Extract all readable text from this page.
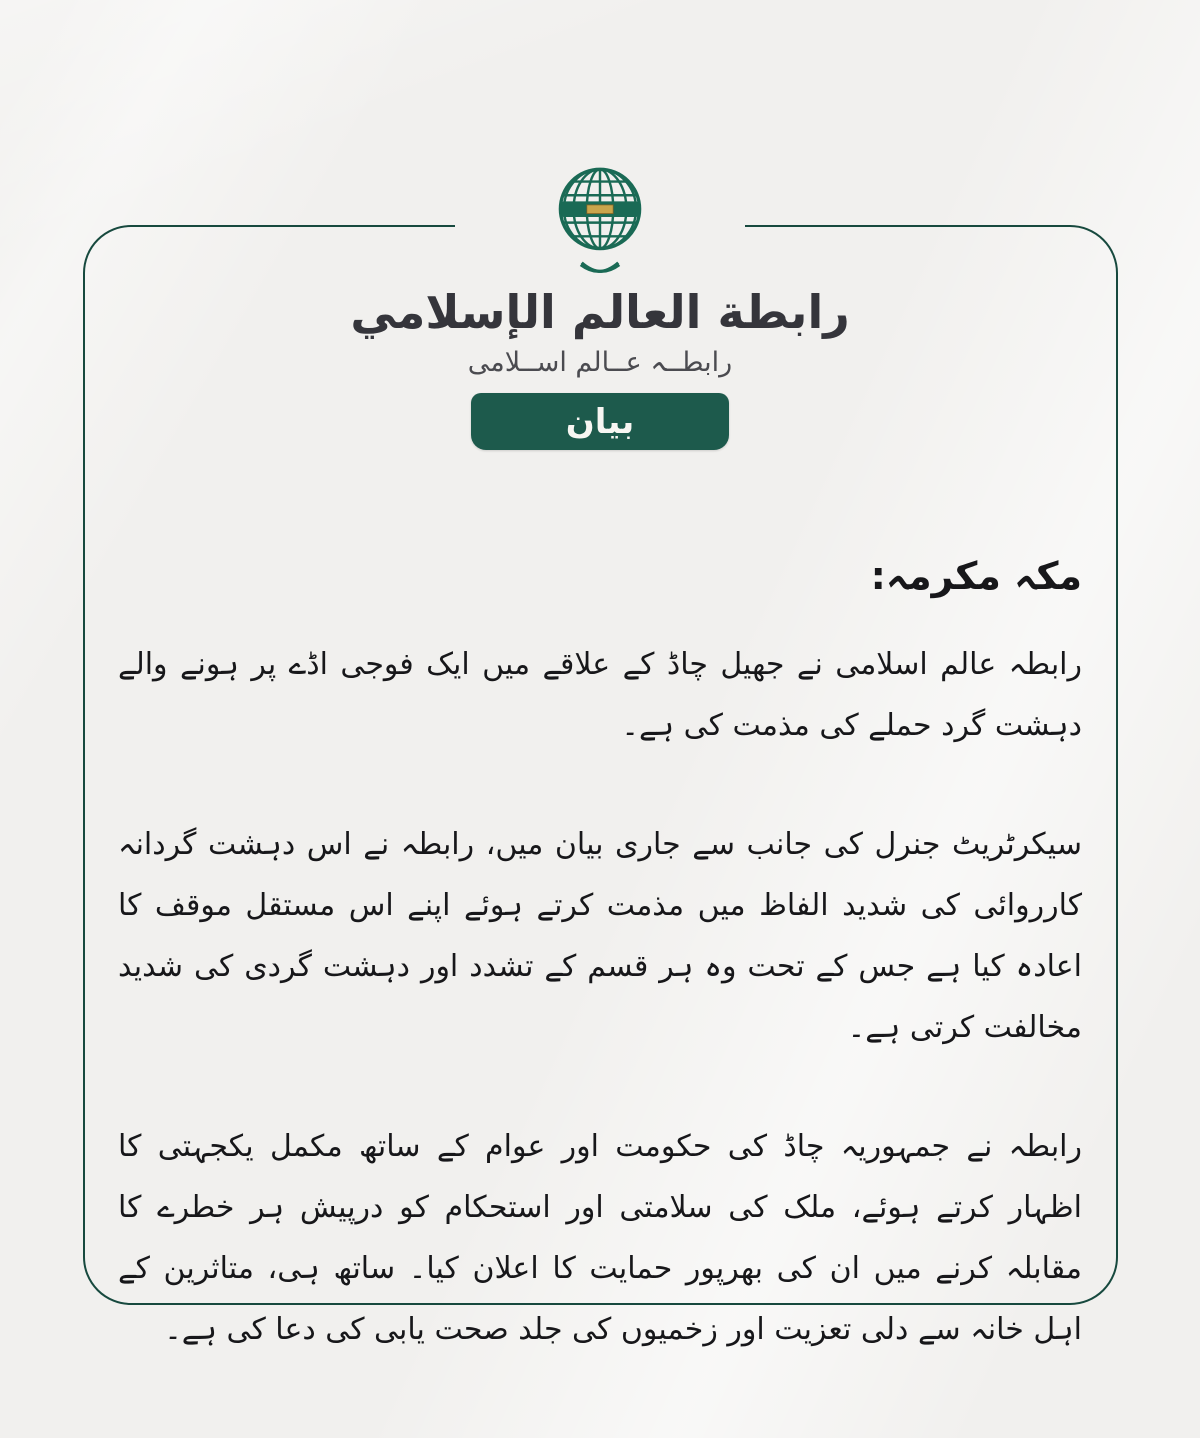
رابطة العالم الإسلامي
رابطــہ عــالم اســلامی
بیان
مکہ مکرمہ:

رابطہ عالم اسلامی نے جھیل چاڈ کے علاقے میں ایک فوجی اڈے پر ہونے والے دہشت گرد حملے کی مذمت کی ہے۔

سیکرٹریٹ جنرل کی جانب سے جاری بیان میں، رابطہ نے اس دہشت گردانہ کارروائی کی شدید الفاظ میں مذمت کرتے ہوئے اپنے اس مستقل موقف کا اعادہ کیا ہے جس کے تحت وہ ہر قسم کے تشدد اور دہشت گردی کی شدید مخالفت کرتی ہے۔

رابطہ نے جمہوریہ چاڈ کی حکومت اور عوام کے ساتھ مکمل یکجہتی کا اظہار کرتے ہوئے، ملک کی سلامتی اور استحکام کو درپیش ہر خطرے کا مقابلہ کرنے میں ان کی بھرپور حمایت کا اعلان کیا۔ ساتھ ہی، متاثرین کے اہل خانہ سے دلی تعزیت اور زخمیوں کی جلد صحت یابی کی دعا کی ہے۔
